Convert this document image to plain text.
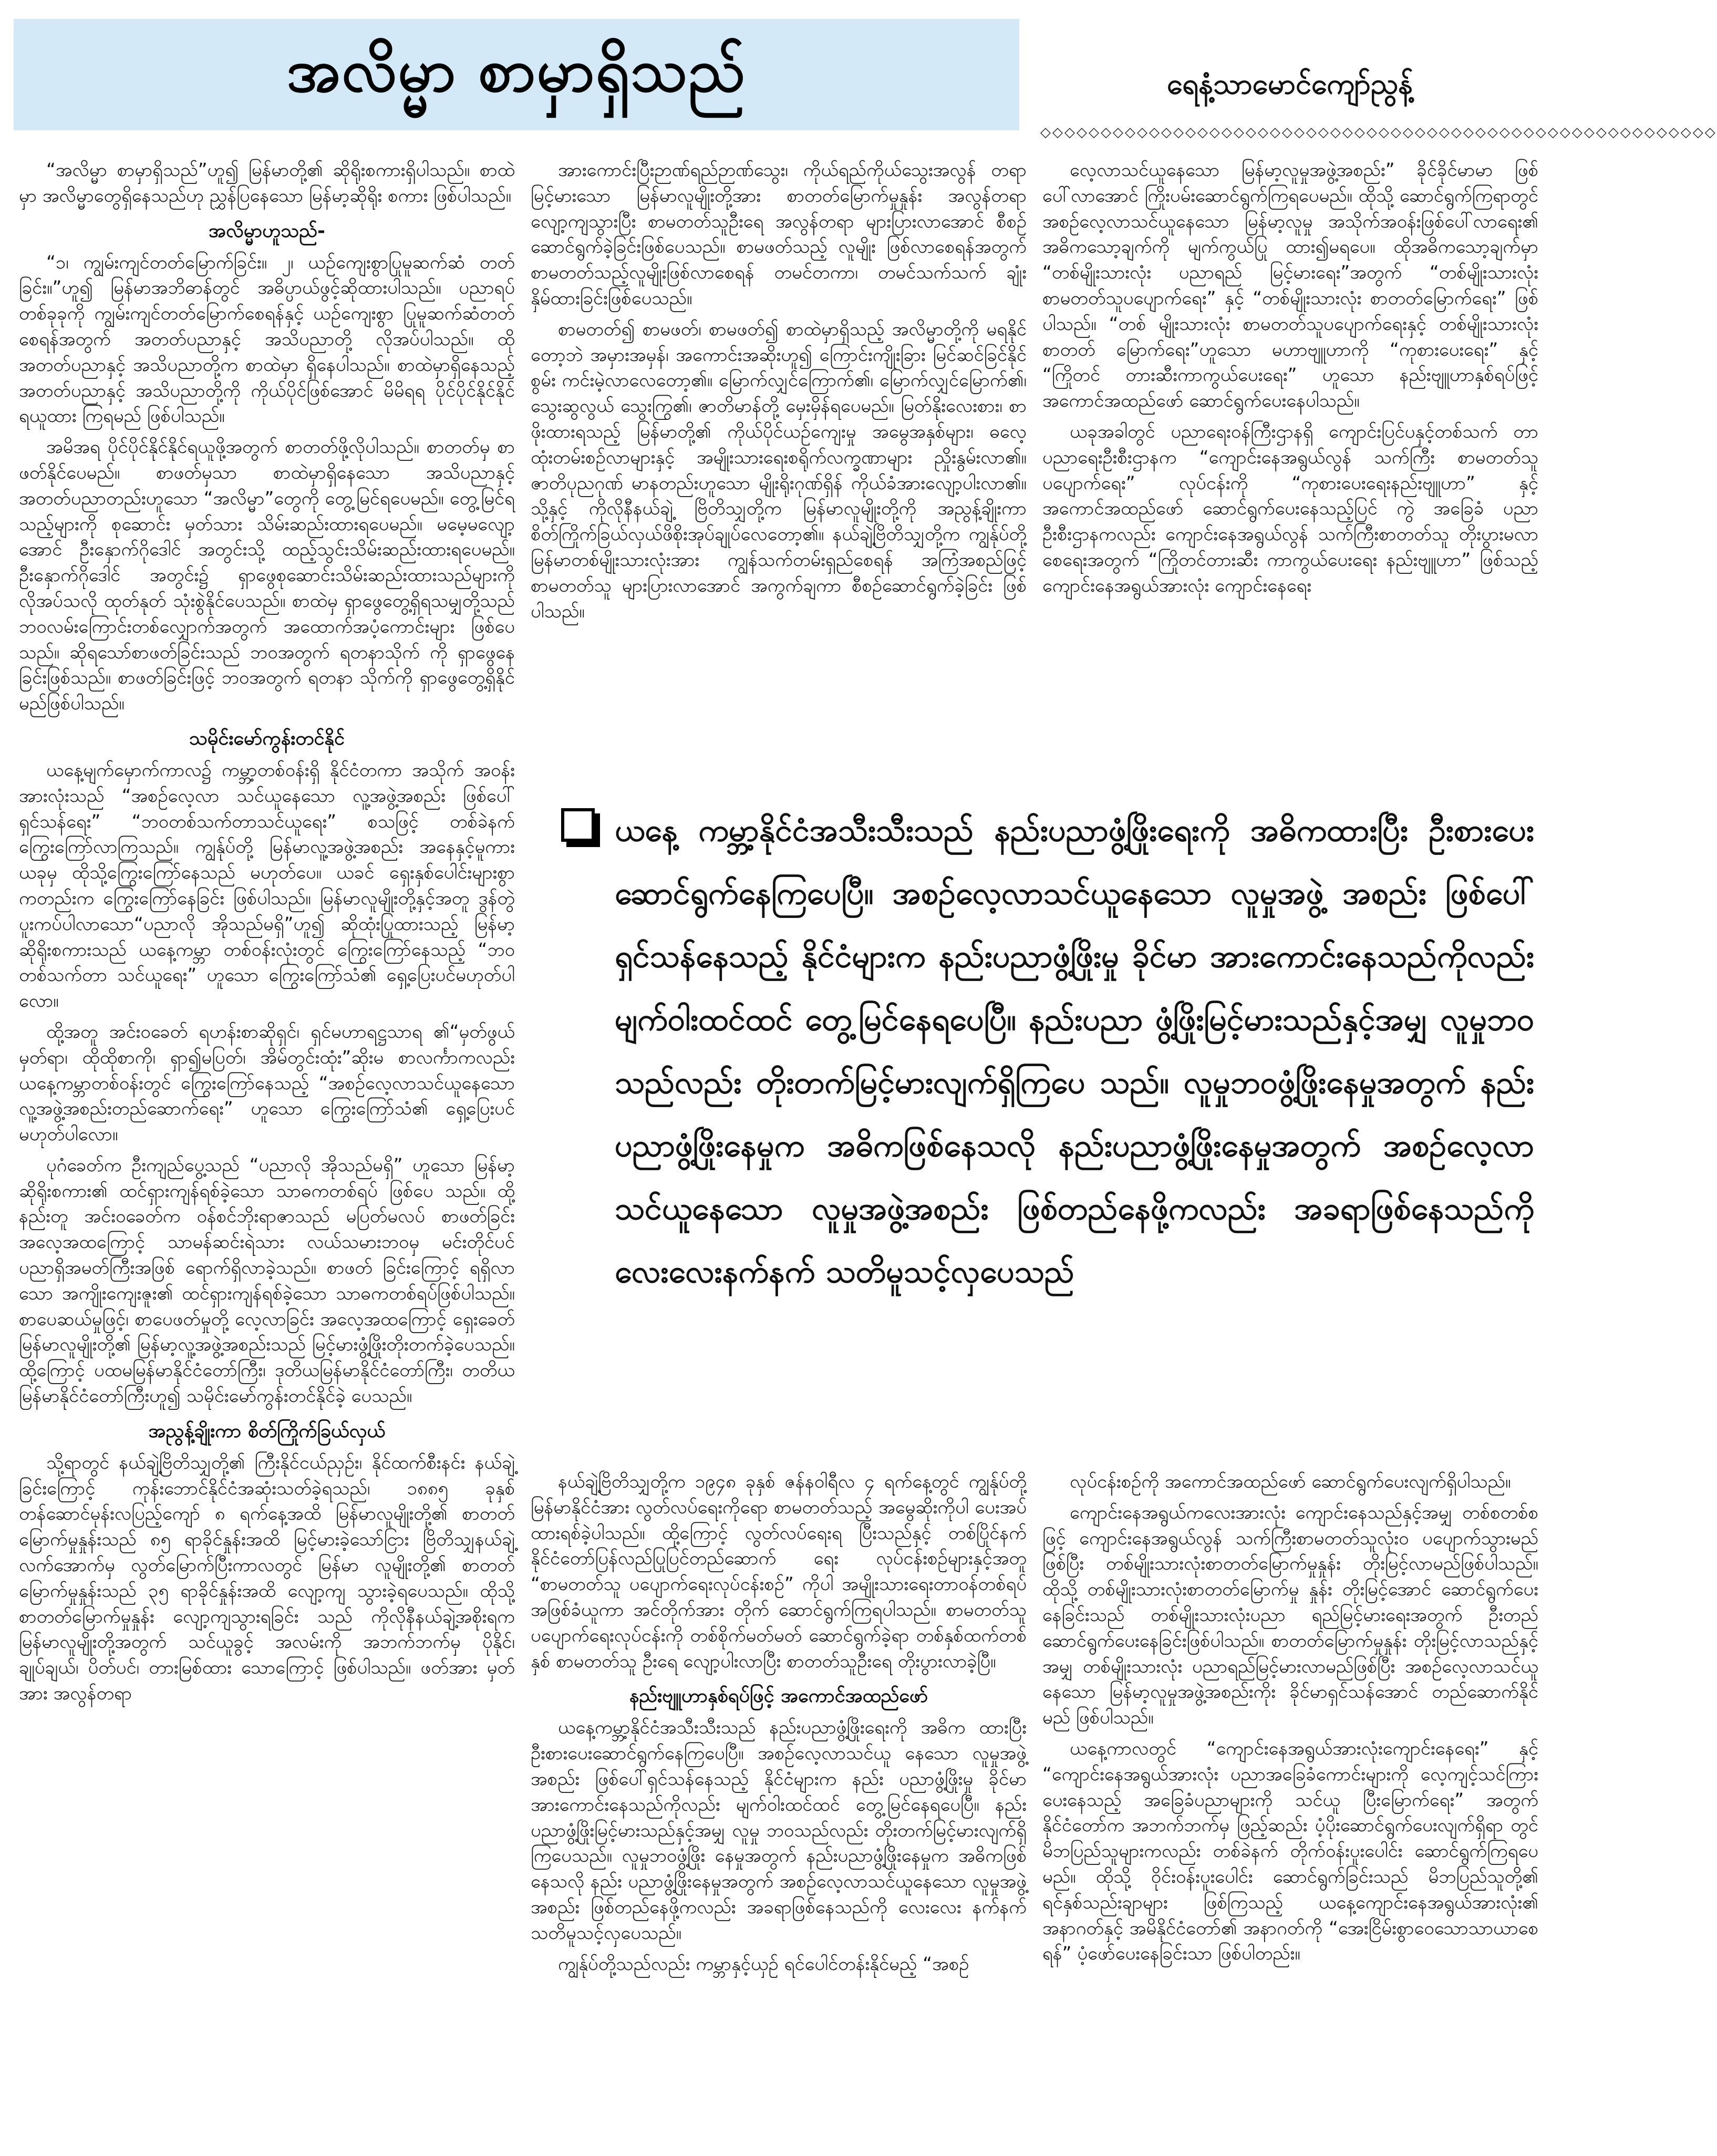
အလိမ္မာ စာမှာရှိသည်	ရေနံ့သာမောင်ကျော်ညွန့်
◇◇◇◇◇◇◇◇◇◇◇◇◇◇◇◇◇◇◇◇◇◇◇◇◇◇◇◇◇◇◇◇◇◇◇◇◇◇◇◇◇◇◇◇◇◇◇◇◇◇◇◇◇◇◇◇

“အလိမ္မာ စာမှာရှိသည်”ဟူ၍ မြန်မာတို့၏ ဆိုရိုးစကားရှိပါသည်။ စာထဲမှာ အလိမ္မာတွေရှိနေသည်ဟု ညွှန်ပြနေသော မြန်မာ့ဆိုရိုး စကား ဖြစ်ပါသည်။

အလိမ္မာဟူသည်-

“၁၊ ကျွမ်းကျင်တတ်မြောက်ခြင်း။ ၂၊ ယဉ်ကျေးစွာပြုမူဆက်ဆံ တတ်ခြင်း။”ဟူ၍ မြန်မာအဘိဓာန်တွင် အဓိပ္ပာယ်ဖွင့်ဆိုထားပါသည်။ ပညာရပ်တစ်ခုခုကို ကျွမ်းကျင်တတ်မြောက်စေရန်နှင့် ယဉ်ကျေးစွာ ပြုမူဆက်ဆံတတ်စေရန်အတွက် အတတ်ပညာနှင့် အသိပညာတို့ လိုအပ်ပါသည်။ ထိုအတတ်ပညာနှင့် အသိပညာတို့က စာထဲမှာ ရှိနေပါသည်။ စာထဲမှာရှိနေသည့် အတတ်ပညာနှင့် အသိပညာတို့ကို ကိုယ်ပိုင်ဖြစ်အောင် မိမိရရ ပိုင်ပိုင်နိုင်နိုင်ရယူထား ကြရမည် ဖြစ်ပါသည်။

အမိအရ ပိုင်ပိုင်နိုင်နိုင်ရယူဖို့အတွက် စာတတ်ဖို့လိုပါသည်။ စာတတ်မှ စာဖတ်နိုင်ပေမည်။ စာဖတ်မှသာ စာထဲမှာရှိနေသော အသိပညာနှင့် အတတ်ပညာတည်းဟူသော “အလိမ္မာ”တွေကို တွေ့မြင်ရပေမည်။ တွေ့မြင်ရသည့်များကို စုဆောင်း မှတ်သား သိမ်းဆည်းထားရပေမည်။ မမေ့မလျော့အောင် ဦးနှောက်ဂိုဒေါင် အတွင်းသို့ ထည့်သွင်းသိမ်းဆည်းထားရပေမည်။ ဦးနှောက်ဂိုဒေါင် အတွင်း၌ ရှာဖွေစုဆောင်းသိမ်းဆည်းထားသည်များကို လိုအပ်သလို ထုတ်နုတ် သုံးစွဲနိုင်ပေသည်။ စာထဲမှ ရှာဖွေတွေ့ရှိရသမျှတို့သည် ဘဝလမ်းကြောင်းတစ်လျှောက်အတွက် အထောက်အပံ့ကောင်းများ ဖြစ်ပေသည်။ ဆိုရသော်စာဖတ်ခြင်းသည် ဘဝအတွက် ရတနာသိုက် ကို ရှာဖွေနေခြင်းဖြစ်သည်။ စာဖတ်ခြင်းဖြင့် ဘဝအတွက် ရတနာ သိုက်ကို ရှာဖွေတွေ့ရှိနိုင်မည်ဖြစ်ပါသည်။

သမိုင်းမော်ကွန်းတင်နိုင်

ယနေ့မျက်မှောက်ကာလ၌ ကမ္ဘာ့တစ်ဝန်းရှိ နိုင်ငံတကာ အသိုက် အဝန်းအားလုံးသည် “အစဉ်လေ့လာ သင်ယူနေသော လူ့အဖွဲ့အစည်း ဖြစ်ပေါ်ရှင်သန်ရေး” “ဘဝတစ်သက်တာသင်ယူရေး” စသဖြင့် တစ်ခဲနက် ကြွေးကြော်လာကြသည်။ ကျွန်ုပ်တို့ မြန်မာလူ့အဖွဲ့အစည်း အနေနှင့်မူကား ယခုမှ ထိုသို့ကြွေးကြော်နေသည် မဟုတ်ပေ။ ယခင် ရှေးနှစ်ပေါင်းများစွာကတည်းက ကြွေးကြော်နေခြင်း ဖြစ်ပါသည်။ မြန်မာလူမျိုးတို့နှင့်အတူ ဒွန်တွဲပူးကပ်ပါလာသော“ပညာလို အိုသည်မရှိ”ဟူ၍ ဆိုထုံးပြုထားသည့် မြန်မာ့ဆိုရိုးစကားသည် ယနေ့ကမ္ဘာ တစ်ဝန်းလုံးတွင် ကြွေးကြော်နေသည့် “ဘဝတစ်သက်တာ သင်ယူရေး” ဟူသော ကြွေးကြော်သံ၏ ရှေ့ပြေးပင်မဟုတ်ပါလော။

ထို့အတူ အင်းဝခေတ် ရဟန်းစာဆိုရှင်၊ ရှင်မဟာရဋ္ဌသာရ ၏“မှတ်ဖွယ်မှတ်ရာ၊ ထိုထိုစာကို၊ ရှာ၍မပြတ်၊ အိမ်တွင်းထုံး”ဆိုးမ စာလင်္ကာကလည်း ယနေ့ကမ္ဘာတစ်ဝန်းတွင် ကြွေးကြော်နေသည့် “အစဉ်လေ့လာသင်ယူနေသော လူ့အဖွဲ့အစည်းတည်ဆောက်ရေး” ဟူသော ကြွေးကြော်သံ၏ ရှေ့ပြေးပင် မဟုတ်ပါလော။

ပုဂံခေတ်က ဦးကျည်ပွေ့သည် “ပညာလို အိုသည်မရှိ” ဟူသော မြန်မာ့ဆိုရိုးစကား၏ ထင်ရှားကျန်ရစ်ခဲ့သော သာဓကတစ်ရပ် ဖြစ်ပေ သည်။ ထို့နည်းတူ အင်းဝခေတ်က ဝန်စင်ဘိုးရာဇာသည် မပြတ်မလပ် စာဖတ်ခြင်း အလေ့အထကြောင့် သာမန်ဆင်းရဲသား လယ်သမားဘဝမှ မင်းတိုင်ပင် ပညာရှိအမတ်ကြီးအဖြစ် ရောက်ရှိလာခဲ့သည်။ စာဖတ် ခြင်းကြောင့် ရရှိလာသော အကျိုးကျေးဇူး၏ ထင်ရှားကျန်ရစ်ခဲ့သော သာဓကတစ်ရပ်ဖြစ်ပါသည်။ စာပေဆယ်မှုဖြင့်၊ စာပေဖတ်မှုတို့ လေ့လာခြင်း အလေ့အထကြောင့် ရှေးခေတ်မြန်မာလူမျိုးတို့၏ မြန်မာ့လူ့အဖွဲ့အစည်းသည် မြင့်မားဖွံ့ဖြိုးတိုးတက်ခဲ့ပေသည်။ ထို့ကြောင့် ပထမမြန်မာနိုင်ငံတော်ကြီး၊ ဒုတိယမြန်မာနိုင်ငံတော်ကြီး၊ တတိယမြန်မာနိုင်ငံတော်ကြီးဟူ၍ သမိုင်းမော်ကွန်းတင်နိုင်ခဲ့ ပေသည်။

အညွန့်ချိုးကာ စိတ်ကြိုက်ခြယ်လှယ်

သို့ရာတွင် နယ်ချဲ့ဗြိတိသျှတို့၏ ကြီးနိုင်ငယ်ညှဉ်း၊ နိုင်ထက်စီးနင်း နယ်ချဲ့ခြင်းကြောင့် ကုန်းဘောင်နိုင်ငံအဆုံးသတ်ခဲ့ရသည်၊ ၁၈၈၅ ခုနှစ် တန်ဆောင်မုန်းလပြည့်ကျော် ၈ ရက်နေ့အထိ မြန်မာလူမျိုးတို့၏ စာတတ်မြောက်မှုနှုန်းသည် ၈၅ ရာခိုင်နှုန်းအထိ မြင့်မားခဲ့သော်ငြား ဗြိတိသျှနယ်ချဲ့လက်အောက်မှ လွတ်မြောက်ပြီးကာလတွင် မြန်မာ လူမျိုးတို့၏ စာတတ်မြောက်မှုနှုန်းသည် ၃၅ ရာခိုင်နှုန်းအထိ လျော့ကျ သွားခဲ့ရပေသည်။ ထိုသို့စာတတ်မြောက်မှုနှုန်း လျော့ကျသွားရခြင်း သည် ကိုလိုနီနယ်ချဲ့အစိုးရက မြန်မာလူမျိုးတို့အတွက် သင်ယူခွင့် အလမ်းကို အဘက်ဘက်မှ ပိုနိုင်၊ ချုပ်ချယ်၊ ပိတ်ပင်၊ တားမြစ်ထား သောကြောင့် ဖြစ်ပါသည်။ ဖတ်အား မှတ်အား အလွန်တရာ

အားကောင်းပြီးဉာဏ်ရည်ဉာဏ်သွေး၊ ကိုယ်ရည်ကိုယ်သွေးအလွန် တရာ မြင့်မားသော မြန်မာလူမျိုးတို့အား စာတတ်မြောက်မှုနှုန်း အလွန်တရာ လျော့ကျသွားပြီး စာမတတ်သူဦးရေ အလွန်တရာ များပြားလာအောင် စီစဉ်ဆောင်ရွက်ခဲ့ခြင်းဖြစ်ပေသည်။ စာမဖတ်သည့် လူမျိုး ဖြစ်လာစေရန်အတွက် စာမတတ်သည့်လူမျိုးဖြစ်လာစေရန် တမင်တကာ၊ တမင်သက်သက် ချုံးနှိမ်ထားခြင်းဖြစ်ပေသည်။

စာမတတ်၍ စာမဖတ်၊ စာမဖတ်၍ စာထဲမှာရှိသည့် အလိမ္မာတို့ကို မရနိုင်တော့ဘဲ အမှားအမှန်၊ အကောင်းအဆိုးဟူ၍ ကြောင်းကျိုးခြား မြင်ဆင်ခြင်နိုင်စွမ်း ကင်းမဲ့လာလေတော့၏။ မြောက်လျှင်ကြောက်၏၊ မြောက်လျှင်မြောက်၏၊ သွေးဆွလွယ် သွေးကြွ၏၊ ဇာတိမာန်တို့ မှေးမှိန်ရပေမည်။ မြတ်နိုးလေးစား၊ စာဖိုးထားရသည့် မြန်မာတို့၏ ကိုယ်ပိုင်ယဉ်ကျေးမှု အမွေအနှစ်များ၊ ဓလေ့ထုံးတမ်းစဉ်လာများနှင့် အမျိုးသားရေးစရိုက်လက္ခဏာများ ညှိုးနွမ်းလာ၏။ ဇာတိပုညဂုဏ် မာနတည်းဟူသော မျိုးရိုးဂုဏ်ရှိန် ကိုယ်ခံအားလျော့ပါးလာ၏။ သို့နှင့် ကိုလိုနီနယ်ချဲ့ ဗြိတိသျှတို့က မြန်မာလူမျိုးတို့ကို အညွန့်ချိုးကာ စိတ်ကြိုက်ခြယ်လှယ်ဖိစိုးအုပ်ချုပ်လေတော့၏။ နယ်ချဲ့ဗြိတိသျှတို့က ကျွန်ုပ်တို့ မြန်မာတစ်မျိုးသားလုံးအား ကျွန်သက်တမ်းရှည်စေရန် အကြံအစည်ဖြင့် စာမတတ်သူ များပြားလာအောင် အကွက်ချကာ စီစဉ်ဆောင်ရွက်ခဲ့ခြင်း ဖြစ်ပါသည်။

လေ့လာသင်ယူနေသော မြန်မာ့လူမှုအဖွဲ့အစည်း” ခိုင်ခိုင်မာမာ ဖြစ်ပေါ်လာအောင် ကြိုးပမ်းဆောင်ရွက်ကြရပေမည်။ ထိုသို့ ဆောင်ရွက်ကြရာတွင် အစဉ်လေ့လာသင်ယူနေသော မြန်မာ့လူမှု အသိုက်အဝန်းဖြစ်ပေါ်လာရေး၏ အဓိကသော့ချက်ကို မျက်ကွယ်ပြု ထား၍မရပေ။ ထိုအဓိကသော့ချက်မှာ “တစ်မျိုးသားလုံး ပညာရည် မြင့်မားရေး”အတွက် “တစ်မျိုးသားလုံး စာမတတ်သူပပျောက်ရေး” နှင့် “တစ်မျိုးသားလုံး စာတတ်မြောက်ရေး” ဖြစ်ပါသည်။ “တစ် မျိုးသားလုံး စာမတတ်သူပပျောက်ရေးနှင့် တစ်မျိုးသားလုံးစာတတ် မြောက်ရေး”ဟူသော မဟာဗျူဟာကို “ကုစားပေးရေး” နှင့် “ကြိုတင် တားဆီးကာကွယ်ပေးရေး” ဟူသော နည်းဗျူဟာနှစ်ရပ်ဖြင့် အကောင်အထည်ဖော် ဆောင်ရွက်ပေးနေပါသည်။

ယခုအခါတွင် ပညာရေးဝန်ကြီးဌာနရှိ ကျောင်းပြင်ပနှင့်တစ်သက် တာပညာရေးဦးစီးဌာနက “ကျောင်းနေအရွယ်လွန် သက်ကြီး စာမတတ်သူပပျောက်ရေး” လုပ်ငန်းကို “ကုစားပေးရေးနည်းဗျူဟာ” နှင့် အကောင်အထည်ဖော် ဆောင်ရွက်ပေးနေသည့်ပြင် ကွဲ အခြေခံ ပညာဦးစီးဌာနကလည်း ကျောင်းနေအရွယ်လွန် သက်ကြီးစာတတ်သူ တိုးပွားမလာစေရေးအတွက် “ကြိုတင်တားဆီး ကာကွယ်ပေးရေး နည်းဗျူဟာ” ဖြစ်သည့် ကျောင်းနေအရွယ်အားလုံး ကျောင်းနေရေး

ယနေ့ ကမ္ဘာ့နိုင်ငံအသီးသီးသည် နည်းပညာဖွံ့ဖြိုးရေးကို အဓိကထားပြီး ဦးစားပေးဆောင်ရွက်နေကြပေပြီ။ အစဉ်လေ့လာသင်ယူနေသော လူမှုအဖွဲ့ အစည်း ဖြစ်ပေါ်ရှင်သန်နေသည့် နိုင်ငံများက နည်းပညာဖွံ့ဖြိုးမှု ခိုင်မာ အားကောင်းနေသည်ကိုလည်း မျက်ဝါးထင်ထင် တွေ့မြင်နေရပေပြီ။ နည်းပညာ ဖွံ့ဖြိုးမြင့်မားသည်နှင့်အမျှ လူမှုဘဝသည်လည်း တိုးတက်မြင့်မားလျက်ရှိကြပေ သည်။ လူမှုဘဝဖွံ့ဖြိုးနေမှုအတွက် နည်းပညာဖွံ့ဖြိုးနေမှုက အဓိကဖြစ်နေသလို နည်းပညာဖွံ့ဖြိုးနေမှုအတွက် အစဉ်လေ့လာသင်ယူနေသော လူမှုအဖွဲ့အစည်း ဖြစ်တည်နေဖို့ကလည်း အခရာဖြစ်နေသည်ကို လေးလေးနက်နက် သတိမူသင့်လှပေသည်

နယ်ချဲ့ဗြိတိသျှတို့က ၁၉၄၈ ခုနှစ် ဇန်နဝါရီလ ၄ ရက်နေ့တွင် ကျွန်ုပ်တို့မြန်မာနိုင်ငံအား လွတ်လပ်ရေးကိုရော စာမတတ်သည့် အမွေဆိုးကိုပါ ပေးအပ်ထားရစ်ခဲ့ပါသည်။ ထို့ကြောင့် လွတ်လပ်ရေးရ ပြီးသည်နှင့် တစ်ပြိုင်နက် နိုင်ငံတော်ပြန်လည်ပြုပြင်တည်ဆောက် ရေး လုပ်ငန်းစဉ်များနှင့်အတူ “စာမတတ်သူ ပပျောက်ရေးလုပ်ငန်းစဉ်” ကိုပါ အမျိုးသားရေးတာဝန်တစ်ရပ်အဖြစ်ခံယူကာ အင်တိုက်အား တိုက် ဆောင်ရွက်ကြရပါသည်။ စာမတတ်သူပပျောက်ရေးလုပ်ငန်းကို တစ်စိုက်မတ်မတ် ဆောင်ရွက်ခဲ့ရာ တစ်နှစ်ထက်တစ်နှစ် စာမတတ်သူ ဦးရေ လျော့ပါးလာပြီး စာတတ်သူဦးရေ တိုးပွားလာခဲ့ပြီ။

နည်းဗျူဟာနှစ်ရပ်ဖြင့် အကောင်အထည်ဖော်

ယနေ့ကမ္ဘာ့နိုင်ငံအသီးသီးသည် နည်းပညာဖွံ့ဖြိုးရေးကို အဓိက ထားပြီး ဦးစားပေးဆောင်ရွက်နေကြပေပြီ။ အစဉ်လေ့လာသင်ယူ နေသော လူမှုအဖွဲ့အစည်း ဖြစ်ပေါ်ရှင်သန်နေသည့် နိုင်ငံများက နည်း ပညာဖွံ့ဖြိုးမှု ခိုင်မာအားကောင်းနေသည်ကိုလည်း မျက်ဝါးထင်ထင် တွေ့မြင်နေရပေပြီ။ နည်းပညာဖွံ့ဖြိုးမြင့်မားသည်နှင့်အမျှ လူမှု ဘဝသည်လည်း တိုးတက်မြင့်မားလျက်ရှိကြပေသည်။ လူမှုဘဝဖွံ့ဖြိုး နေမှုအတွက် နည်းပညာဖွံ့ဖြိုးနေမှုက အဓိကဖြစ်နေသလို နည်း ပညာဖွံ့ဖြိုးနေမှုအတွက် အစဉ်လေ့လာသင်ယူနေသော လူမှုအဖွဲ့ အစည်း ဖြစ်တည်နေဖို့ကလည်း အခရာဖြစ်နေသည်ကို လေးလေး နက်နက် သတိမူသင့်လှပေသည်။

ကျွန်ုပ်တို့သည်လည်း ကမ္ဘာနှင့်ယှဉ် ရင်ပေါင်တန်းနိုင်မည့် “အစဉ်

လုပ်ငန်းစဉ်ကို အကောင်အထည်ဖော် ဆောင်ရွက်ပေးလျက်ရှိပါသည်။

ကျောင်းနေအရွယ်ကလေးအားလုံး ကျောင်းနေသည်နှင့်အမျှ တစ်စတစ်စဖြင့် ကျောင်းနေအရွယ်လွန် သက်ကြီးစာမတတ်သူလုံးဝ ပပျောက်သွားမည်ဖြစ်ပြီး တစ်မျိုးသားလုံးစာတတ်မြောက်မှုနှုန်း တိုးမြင့်လာမည်ဖြစ်ပါသည်။ ထိုသို့ တစ်မျိုးသားလုံးစာတတ်မြောက်မှု နှုန်း တိုးမြင့်အောင် ဆောင်ရွက်ပေးနေခြင်းသည် တစ်မျိုးသားလုံးပညာ ရည်မြင့်မားရေးအတွက် ဦးတည်ဆောင်ရွက်ပေးနေခြင်းဖြစ်ပါသည်။ စာတတ်မြောက်မှုနှုန်း တိုးမြင့်လာသည်နှင့်အမျှ တစ်မျိုးသားလုံး ပညာရည်မြင့်မားလာမည်ဖြစ်ပြီး အစဉ်လေ့လာသင်ယူနေသော မြန်မာ့လူမှုအဖွဲ့အစည်းကိုး ခိုင်မာရှင်သန်အောင် တည်ဆောက်နိုင်မည် ဖြစ်ပါသည်။

ယနေ့ကာလတွင် “ကျောင်းနေအရွယ်အားလုံးကျောင်းနေရေး” နှင့် “ကျောင်းနေအရွယ်အားလုံး ပညာအခြေခံကောင်းများကို လေ့ကျင့်သင်ကြားပေးနေသည့် အခြေခံပညာများကို သင်ယူ ပြီးမြောက်ရေး” အတွက် နိုင်ငံတော်က အဘက်ဘက်မှ ဖြည့်ဆည်း ပံ့ပိုးဆောင်ရွက်ပေးလျက်ရှိရာ တွင် မိဘပြည်သူများကလည်း တစ်ခဲနက် တိုက်ဝန်းပူးပေါင်း ဆောင်ရွက်ကြရပေမည်။ ထိုသို့ ဝိုင်းဝန်းပူးပေါင်း ဆောင်ရွက်ခြင်းသည် မိဘပြည်သူတို့၏ ရင်နှစ်သည်းချာများ ဖြစ်ကြသည့် ယနေ့ကျောင်းနေအရွယ်အားလုံး၏ အနာဂတ်နှင့် အမိနိုင်ငံတော်၏ အနာဂတ်ကို “အေးငြိမ်းစွာဝေသောသာယာစေရန်” ပံ့ဖော်ပေးနေခြင်းသာ ဖြစ်ပါတည်း။
